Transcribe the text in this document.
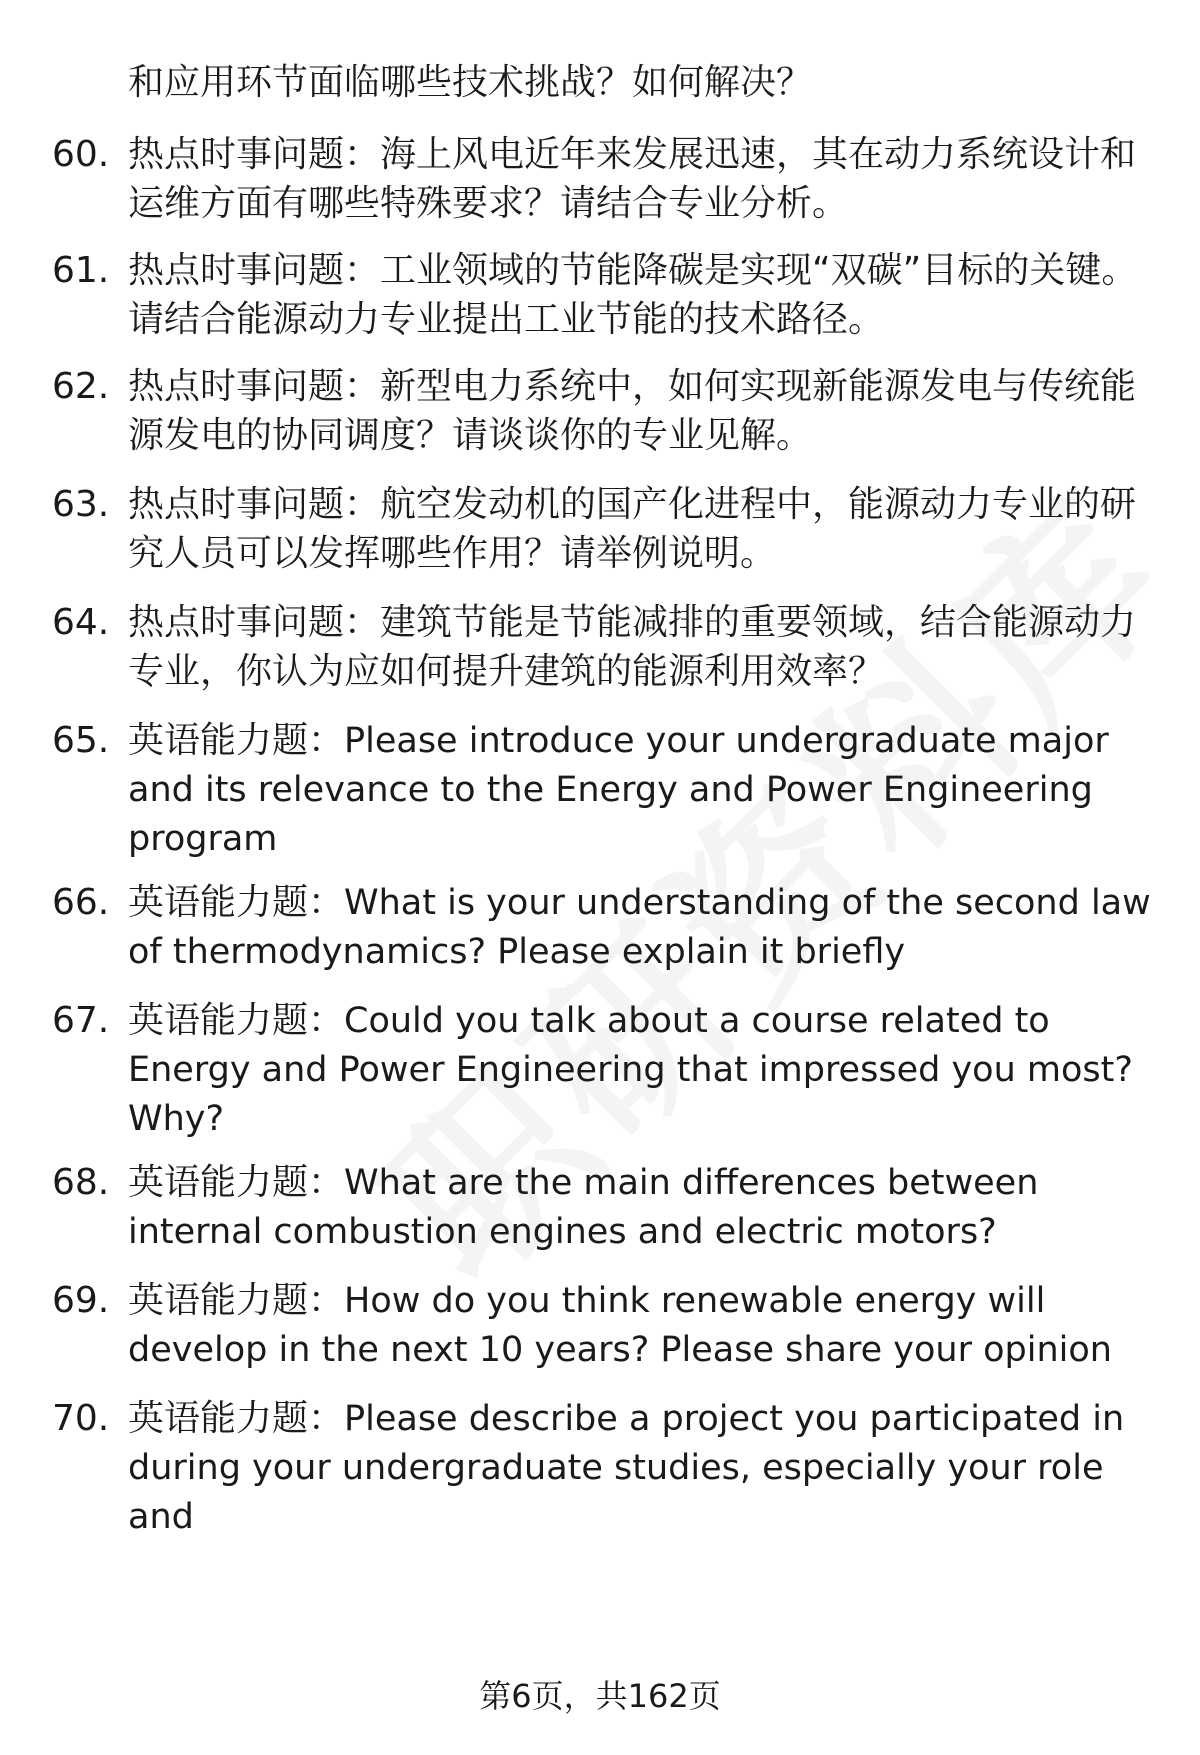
和应用环节面临哪些技术挑战？如何解决？
60. 热点时事问题：海上风电近年来发展迅速，其在动力系统设计和运维方面有哪些特殊要求？请结合专业分析。
61. 热点时事问题：工业领域的节能降碳是实现“双碳”目标的关键。请结合能源动力专业提出工业节能的技术路径。
62. 热点时事问题：新型电力系统中，如何实现新能源发电与传统能源发电的协同调度？请谈谈你的专业见解。
63. 热点时事问题：航空发动机的国产化进程中，能源动力专业的研究人员可以发挥哪些作用？请举例说明。
64. 热点时事问题：建筑节能是节能减排的重要领域，结合能源动力专业，你认为应如何提升建筑的能源利用效率？
65. 英语能力题：Please introduce your undergraduate major and its relevance to the Energy and Power Engineering program
66. 英语能力题：What is your understanding of the second law of thermodynamics? Please explain it briefly
67. 英语能力题：Could you talk about a course related to Energy and Power Engineering that impressed you most? Why?
68. 英语能力题：What are the main differences between internal combustion engines and electric motors?
69. 英语能力题：How do you think renewable energy will develop in the next 10 years? Please share your opinion
70. 英语能力题：Please describe a project you participated in during your undergraduate studies, especially your role and
第6页，共162页
